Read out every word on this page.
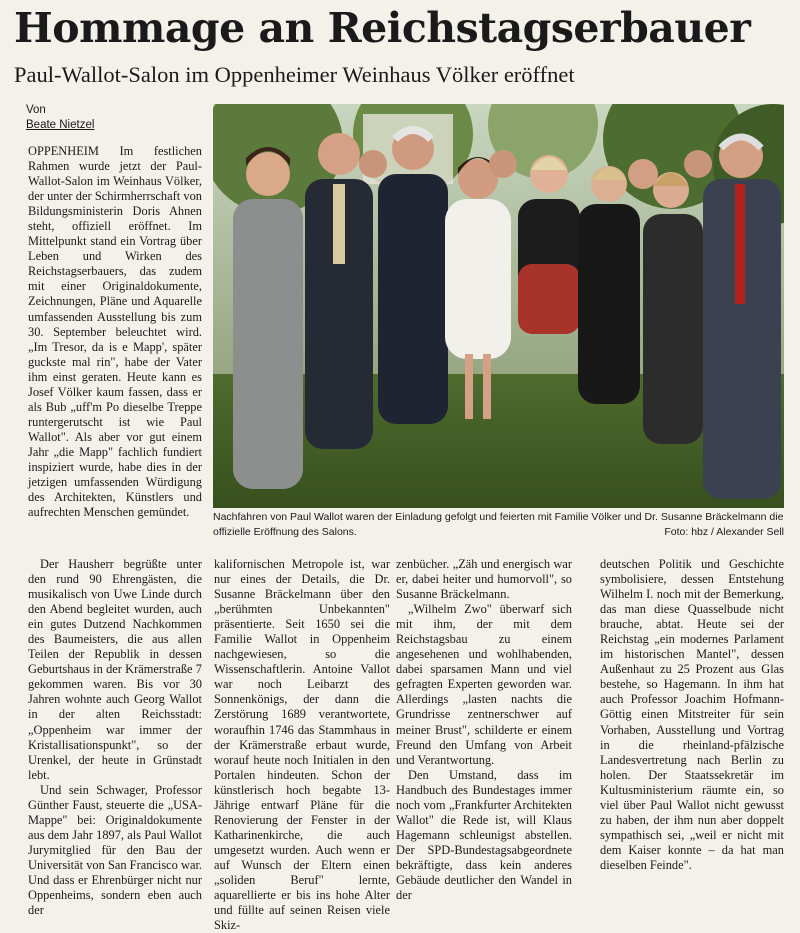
Hommage an Reichstagserbauer
Paul-Wallot-Salon im Oppenheimer Weinhaus Völker eröffnet
Von
Beate Nietzel
Nachfahren von Paul Wallot waren der Einladung gefolgt und feierten mit Familie Völker und Dr. Susanne Bräckelmann die offizielle Eröffnung des Salons.	Foto: hbz / Alexander Sell

OPPENHEIM Im festlichen Rahmen wurde jetzt der Paul-Wallot-Salon im Weinhaus Völker, der unter der Schirmherrschaft von Bildungsministerin Doris Ahnen steht, offiziell eröffnet. Im Mittelpunkt stand ein Vortrag über Leben und Wirken des Reichstagserbauers, das zudem mit einer Originaldokumente, Zeichnungen, Pläne und Aquarelle umfassenden Ausstellung bis zum 30. September beleuchtet wird. „Im Tresor, da is e Mapp', später guckste mal rin", habe der Vater ihm einst geraten. Heute kann es Josef Völker kaum fassen, dass er als Bub „uff'm Po dieselbe Treppe runtergerutscht ist wie Paul Wallot". Als aber vor gut einem Jahr „die Mapp" fachlich fundiert inspiziert wurde, habe dies in der jetzigen umfassenden Würdigung des Architekten, Künstlers und aufrechten Menschen gemündet.

Der Hausherr begrüßte unter den rund 90 Ehrengästen, die musikalisch von Uwe Linde durch den Abend begleitet wurden, auch ein gutes Dutzend Nachkommen des Baumeisters, die aus allen Teilen der Republik in dessen Geburtshaus in der Krämerstraße 7 gekommen waren. Bis vor 30 Jahren wohnte auch Georg Wallot in der alten Reichsstadt: „Oppenheim war immer der Kristallisationspunkt", so der Urenkel, der heute in Grünstadt lebt.

Und sein Schwager, Professor Günther Faust, steuerte die „USA-Mappe" bei: Originaldokumente aus dem Jahr 1897, als Paul Wallot Jurymitglied für den Bau der Universität von San Francisco war. Und dass er Ehrenbürger nicht nur Oppenheims, sondern eben auch der

kalifornischen Metropole ist, war nur eines der Details, die Dr. Susanne Bräckelmann über den „berühmten Unbekannten" präsentierte. Seit 1650 sei die Familie Wallot in Oppenheim nachgewiesen, so die Wissenschaftlerin. Antoine Vallot war noch Leibarzt des Sonnenkönigs, der dann die Zerstörung 1689 verantwortete, woraufhin 1746 das Stammhaus in der Krämerstraße erbaut wurde, worauf heute noch Initialen in den Portalen hindeuten. Schon der künstlerisch hoch begabte 13-Jährige entwarf Pläne für die Renovierung der Fenster in der Katharinenkirche, die auch umgesetzt wurden. Auch wenn er auf Wunsch der Eltern einen „soliden Beruf" lernte, aquarellierte er bis ins hohe Alter und füllte auf seinen Reisen viele Skiz-

zenbücher. „Zäh und energisch war er, dabei heiter und humorvoll", so Susanne Bräckelmann.

„Wilhelm Zwo" überwarf sich mit ihm, der mit dem Reichstagsbau zu einem angesehenen und wohlhabenden, dabei sparsamen Mann und viel gefragten Experten geworden war. Allerdings „lasten nachts die Grundrisse zentnerschwer auf meiner Brust", schilderte er einem Freund den Umfang von Arbeit und Verantwortung.

Den Umstand, dass im Handbuch des Bundestages immer noch vom „Frankfurter Architekten Wallot" die Rede ist, will Klaus Hagemann schleunigst abstellen. Der SPD-Bundestagsabgeordnete bekräftigte, dass kein anderes Gebäude deutlicher den Wandel in der

deutschen Politik und Geschichte symbolisiere, dessen Entstehung Wilhelm I. noch mit der Bemerkung, das man diese Quasselbude nicht brauche, abtat. Heute sei der Reichstag „ein modernes Parlament im historischen Mantel", dessen Außenhaut zu 25 Prozent aus Glas bestehe, so Hagemann. In ihm hat auch Professor Joachim Hofmann-Göttig einen Mitstreiter für sein Vorhaben, Ausstellung und Vortrag in die rheinland-pfälzische Landesvertretung nach Berlin zu holen. Der Staatssekretär im Kultusministerium räumte ein, so viel über Paul Wallot nicht gewusst zu haben, der ihm nun aber doppelt sympathisch sei, „weil er nicht mit dem Kaiser konnte – da hat man dieselben Feinde".
